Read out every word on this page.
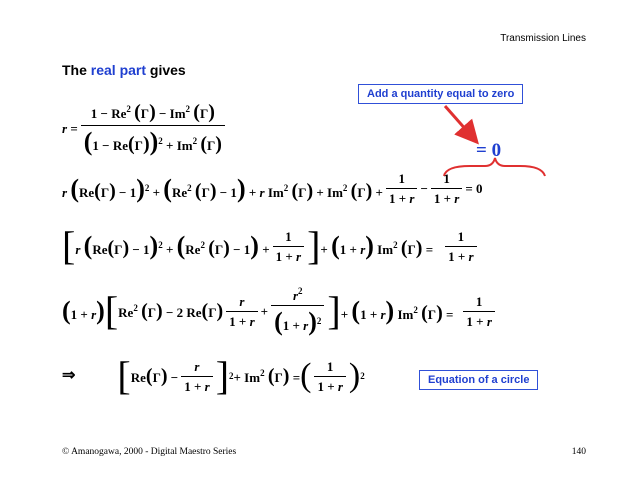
Transmission Lines
The real part gives
Add a quantity equal to zero
= 0
$r = \frac{1 - Re^2 (\Gamma) - Im^2 (\Gamma)}{(1 - Re(\Gamma))^2 + Im^2 (\Gamma)}$
r $(Re(\Gamma) - 1)^2 + (Re^2$ (Γ) − 1) + r Im$^2$ $(\Gamma) + Im^2$ $(\Gamma) + \frac{1}{1 + r} - \frac{1}{1 + r} = 0$
[ r $(Re(\Gamma) - 1)^2 + (Re^2$ $(\Gamma) - 1) + \frac{1}{1 + r}$ ] + (1 + r) Im$^2$ $(\Gamma) = \frac{1}{1 + r}$
(1 + r) [ Re$^2$ (Γ) − 2 $Re(\Gamma) \frac{r}{1 + r} + \frac{r^2}{(1 + r)^2}$ ] + (1 + r) Im$^2$ $(\Gamma) = \frac{1}{1 + r}$
⇒ [ $Re(\Gamma) - \frac{r}{1 + r}$ ] $2 + Im^2$ (Γ) = ( $\frac{1}{1 + r}$ ) 2	Equation of a circle
© Amanogawa, 2000 - Digital Maestro Series	140
